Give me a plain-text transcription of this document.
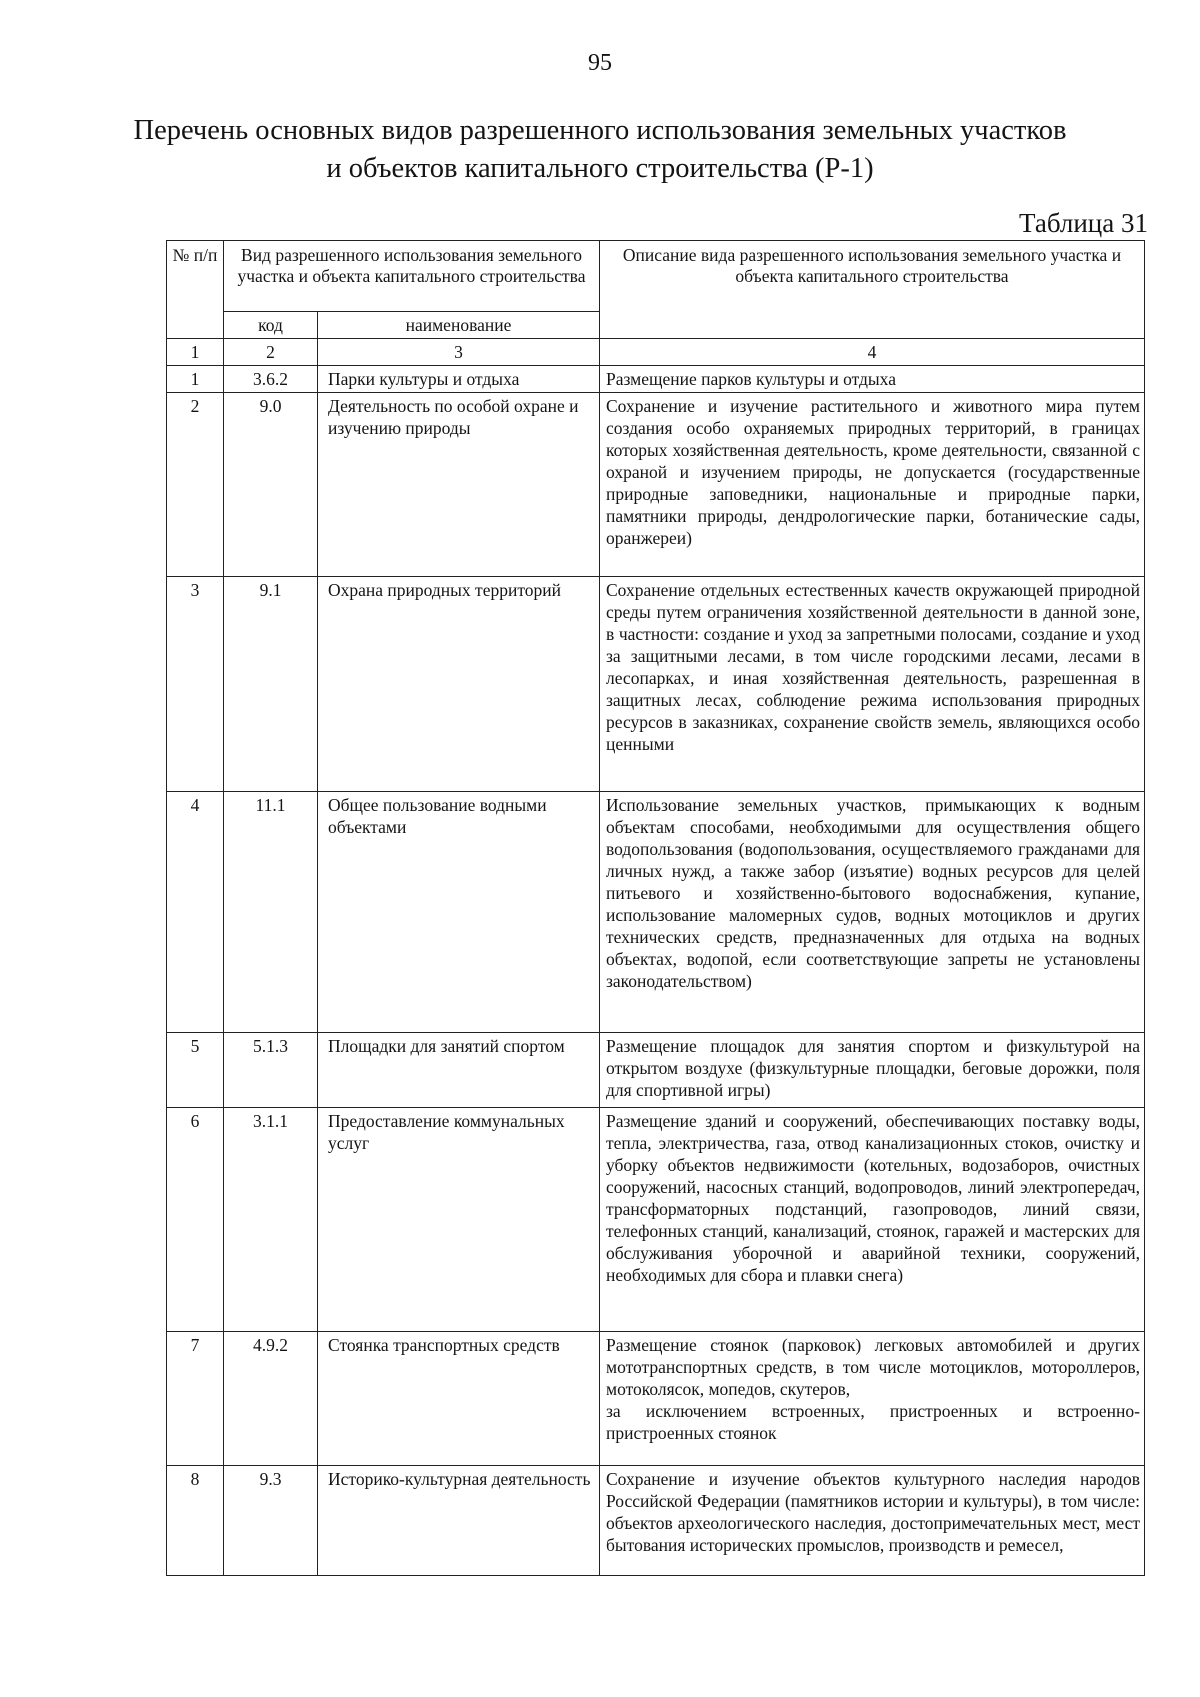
95
Перечень основных видов разрешенного использования земельных участков
и объектов капитального строительства (Р-1)
Таблица 31
№ п/п	Вид разрешенного использования земельного участка и объекта капитального строительства		Описание вида разрешенного использования земельного участка и объекта капитального строительства
	код	наименование	
1	2	3	4
1	3.6.2	Парки культуры и отдыха	Размещение парков культуры и отдыха
2	9.0	Деятельность по особой охране и изучению природы	Сохранение и изучение растительного и животного мира путем создания особо охраняемых природных территорий, в границах которых хозяйственная деятельность, кроме деятельности, связанной с охраной и изучением природы, не допускается (государственные природные заповедники, национальные и природные парки, памятники природы, дендрологические парки, ботанические сады, оранжереи)
3	9.1	Охрана природных территорий	Сохранение отдельных естественных качеств окружающей природной среды путем ограничения хозяйственной деятельности в данной зоне, в частности: создание и уход за запретными полосами, создание и уход за защитными лесами, в том числе городскими лесами, лесами в лесопарках, и иная хозяйственная деятельность, разрешенная в защитных лесах, соблюдение режима использования природных ресурсов в заказниках, сохранение свойств земель, являющихся особо ценными
4	11.1	Общее пользование водными объектами	Использование земельных участков, примыкающих к водным объектам способами, необходимыми для осуществления общего водопользования (водопользования, осуществляемого гражданами для личных нужд, а также забор (изъятие) водных ресурсов для целей питьевого и хозяйственно-бытового водоснабжения, купание, использование маломерных судов, водных мотоциклов и других технических средств, предназначенных для отдыха на водных объектах, водопой, если соответствующие запреты не установлены законодательством)
5	5.1.3	Площадки для занятий спортом	Размещение площадок для занятия спортом и физкультурой на открытом воздухе (физкультурные площадки, беговые дорожки, поля для спортивной игры)
6	3.1.1	Предоставление коммунальных услуг	Размещение зданий и сооружений, обеспечивающих поставку воды, тепла, электричества, газа, отвод канализационных стоков, очистку и уборку объектов недвижимости (котельных, водозаборов, очистных сооружений, насосных станций, водопроводов, линий электропередач, трансформаторных подстанций, газопроводов, линий связи, телефонных станций, канализаций, стоянок, гаражей и мастерских для обслуживания уборочной и аварийной техники, сооружений, необходимых для сбора и плавки снега)
7	4.9.2	Стоянка транспортных средств	Размещение стоянок (парковок) легковых автомобилей и других мототранспортных средств, в том числе мотоциклов, мотороллеров, мотоколясок, мопедов, скутеров,
за исключением встроенных, пристроенных и встроенно-пристроенных стоянок

8	9.3	Историко-культурная деятельность	Сохранение и изучение объектов культурного наследия народов Российской Федерации (памятников истории и культуры), в том числе: объектов археологического наследия, достопримечательных мест, мест бытования исторических промыслов, производств и ремесел,
